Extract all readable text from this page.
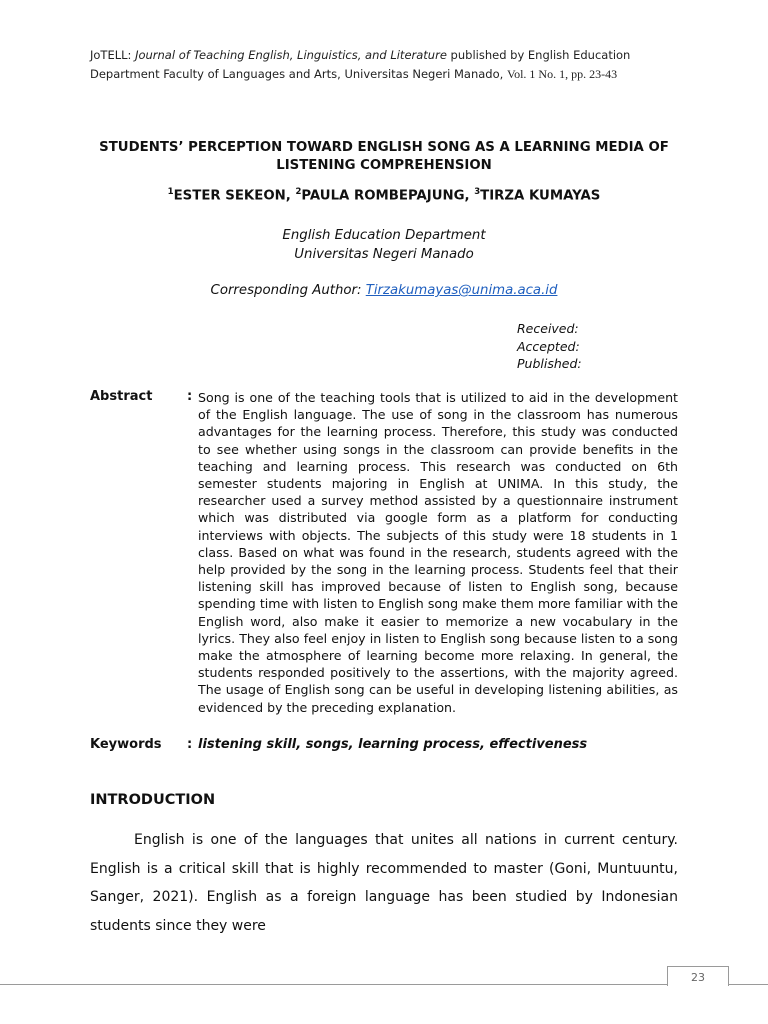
JoTELL: Journal of Teaching English, Linguistics, and Literature published by English Education Department Faculty of Languages and Arts, Universitas Negeri Manado, Vol. 1 No. 1, pp. 23-43
STUDENTS’ PERCEPTION TOWARD ENGLISH SONG AS A LEARNING MEDIA OF LISTENING COMPREHENSION
$^1$ESTER SEKEON, $^2$PAULA ROMBEPAJUNG, $^3$TIRZA KUMAYAS
English Education Department
Universitas Negeri Manado
Corresponding Author: Tirzakumayas@unima.aca.id
Received:
Accepted:
Published:
Abstract	: Song is one of the teaching tools that is utilized to aid in the development of the English language. The use of song in the classroom has numerous advantages for the learning process. Therefore, this study was conducted to see whether using songs in the classroom can provide benefits in the teaching and learning process. This research was conducted on 6th semester students majoring in English at UNIMA. In this study, the researcher used a survey method assisted by a questionnaire instrument which was distributed via google form as a platform for conducting interviews with objects. The subjects of this study were 18 students in 1 class. Based on what was found in the research, students agreed with the help provided by the song in the learning process. Students feel that their listening skill has improved because of listen to English song, because spending time with listen to English song make them more familiar with the English word, also make it easier to memorize a new vocabulary in the lyrics. They also feel enjoy in listen to English song because listen to a song make the atmosphere of learning become more relaxing. In general, the students responded positively to the assertions, with the majority agreed. The usage of English song can be useful in developing listening abilities, as evidenced by the preceding explanation.
Keywords : listening skill, songs, learning process, effectiveness
INTRODUCTION
English is one of the languages that unites all nations in current century. English is a critical skill that is highly recommended to master (Goni, Muntuuntu, Sanger, 2021). English as a foreign language has been studied by Indonesian students since they were
23
